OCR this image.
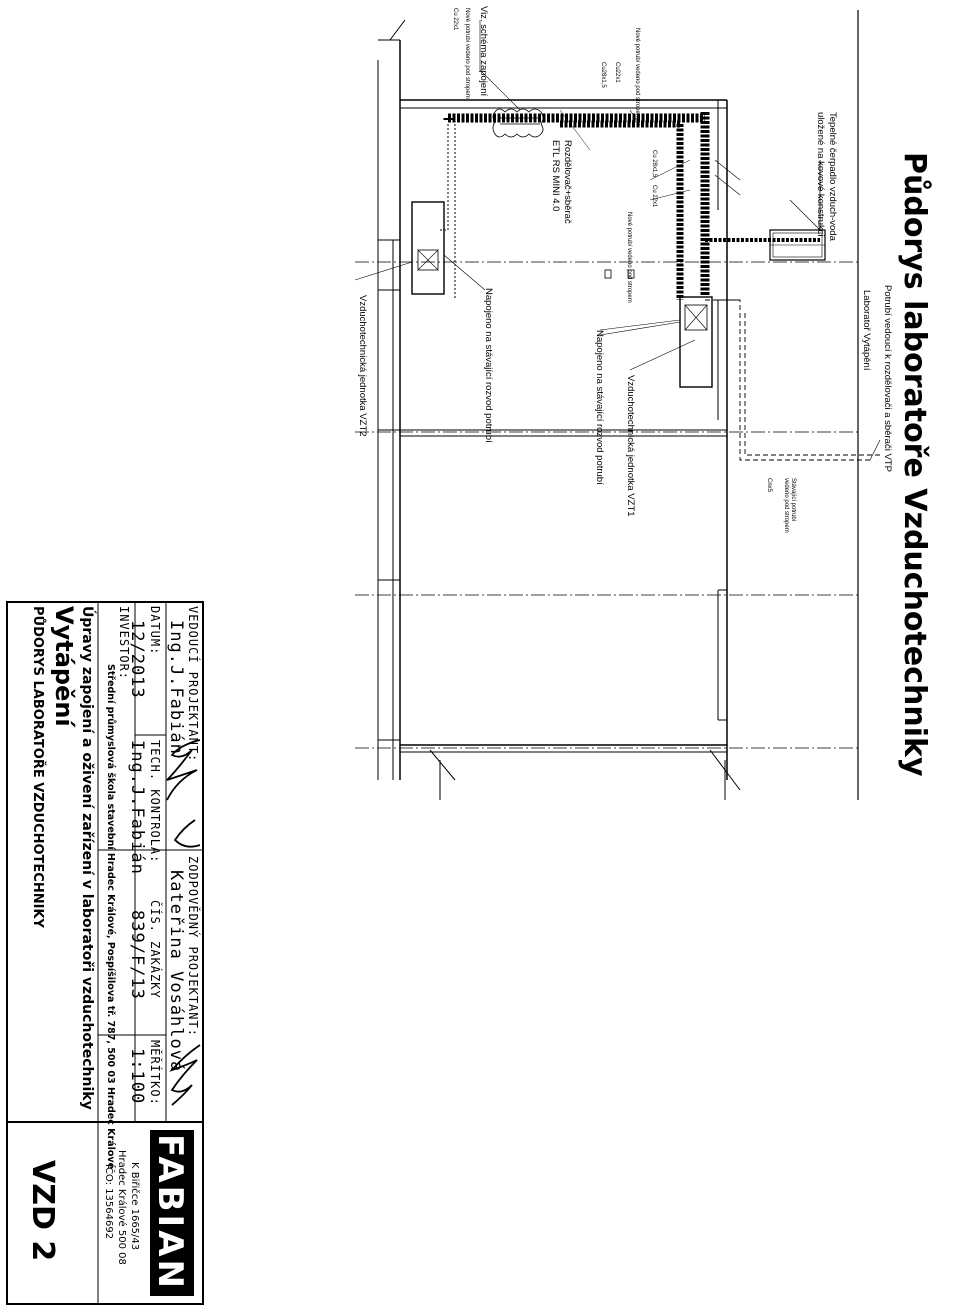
Půdorys laboratoře Vzduchotechniky
Potrubí vedoucí k rozdělovači a sběrači VTP
Laboratoř Vytápění
Tepelné čerpadlo vzduch-voda
uložené na kovové konstrukci
Viz. schéma zapojení
Nové potrubí vedeno pod stropem
Cu 22x1
Nové potrubí vedeno pod stropem
Cu22x1
Cu28x1,5
Rozdělovač+sběrač
ETL RS MINI 4.0	Cu 28x1,5
Cu 22x1
Nové potrubí vedeno pod stropem
Napojeno na stávající rozvod potrubí	Napojeno na stávající rozvod potrubí Vzduchotechnická jednotka VZT1
Vzduchotechnická jednotka VZT2
Stávající potrubí
vedeno pod stropem
Cnx5
VEDOUCÍ PROJEKTANT:
Ing.J.Fabián
ZODPOVĚDNÝ PROJEKTANT:
Kateřina Vosáhlová
DATUM:
12/2013
TECH. KONTROLA:
Ing.J.Fabián
ČÍS. ZAKÁZKY
839/F/13
MĚŘÍTKO:
1:100
INVESTOR:
Střední průmyslová škola stavební Hradec Králové, Pospíšilova tř. 787, 500 03 Hradec Králové
Úpravy zapojení a oživení zařízení v laboratoři vzduchotechniky
Vytápění
PŮDORYS LABORATOŘE VZDUCHOTECHNIKY
FABIAN
K Biřičce 1665/43
Hradec Králové 500 08
IČO: 13564692
VZD 2
